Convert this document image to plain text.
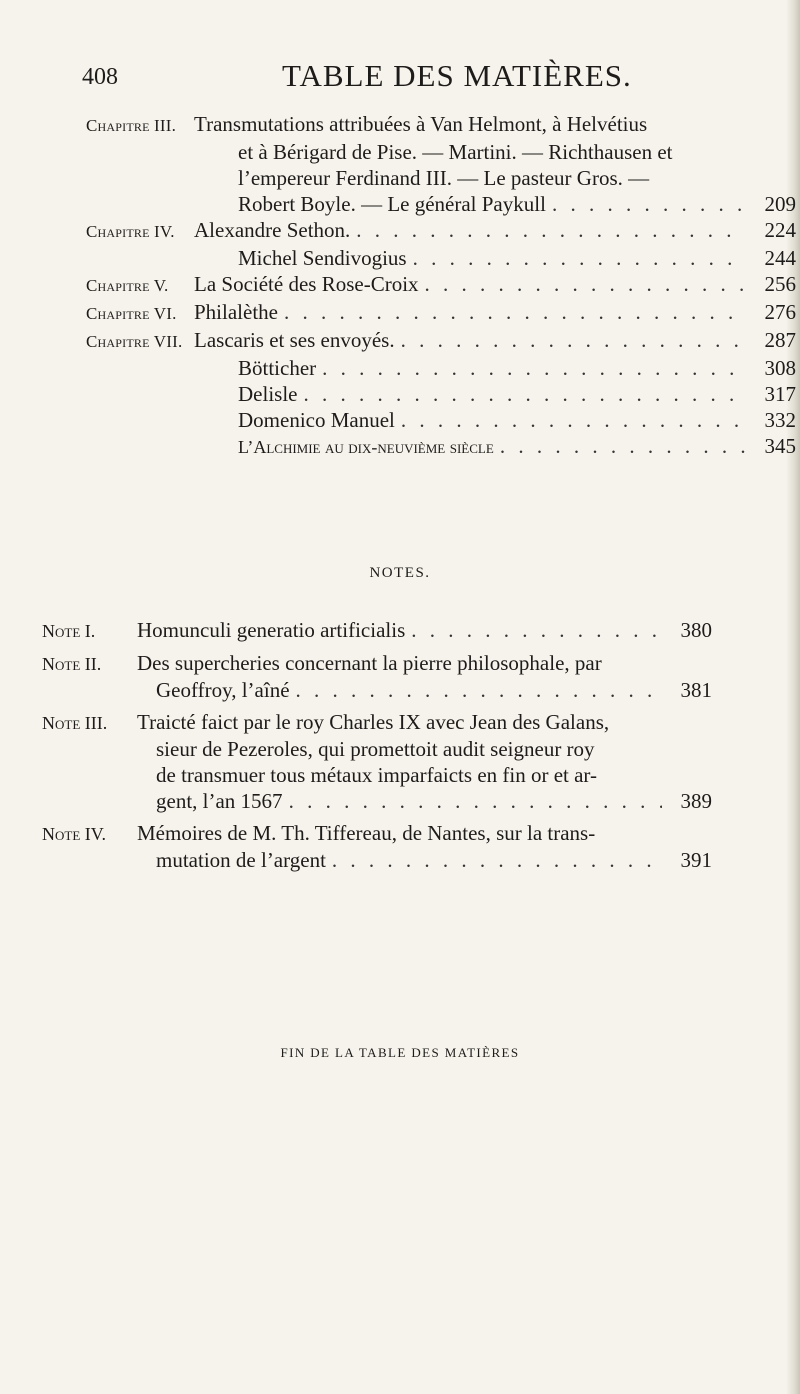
408	TABLE DES MATIÈRES.
Chapitre III. Transmutations attribuées à Van Helmont, à Helvétius
et à Bérigard de Pise. — Martini. — Richthausen et
l’empereur Ferdinand III. — Le pasteur Gros. —
Robert Boyle. — Le général Paykull . . .	209
Chapitre IV. Alexandre Sethon. . . .	224
Michel Sendivogius . . .	244
Chapitre V.	La Société des Rose-Croix . . .	256
Chapitre VI. Philalèthe . . .	276
Chapitre VII. Lascaris et ses envoyés. . . .	287
Bötticher . . .	308
Delisle . . .	317
Domenico Manuel . . .	332
L’Alchimie au dix-neuvième siècle . . .	345
NOTES.
Note I.	Homunculi generatio artificialis . . .	380
Note II.	Des supercheries concernant la pierre philosophale, par
Geoffroy, l’aîné . . .	381
Note III.	Traicté faict par le roy Charles IX avec Jean des Galans,
sieur de Pezeroles, qui promettoit audit seigneur roy
de transmuer tous métaux imparfaicts en fin or et ar-
gent, l’an 1567 . . .	389
Note IV.	Mémoires de M. Th. Tiffereau, de Nantes, sur la trans-
mutation de l’argent . . .	391
FIN DE LA TABLE DES MATIÈRES
